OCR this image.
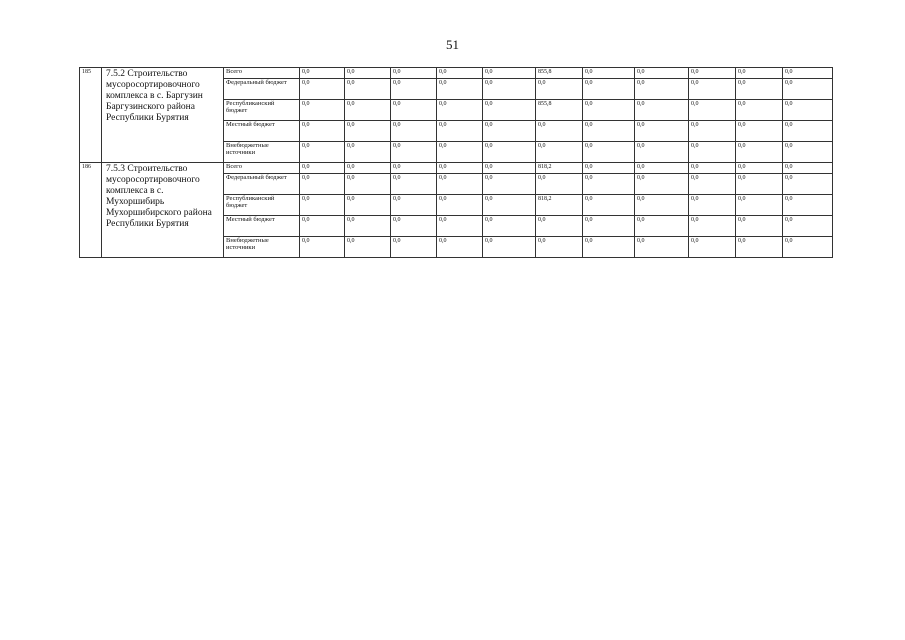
51
185	7.5.2 Строительство мусоросортировочного комплекса в с. Баргузин Баргузинского района Республики Бурятия	Всего	0,0	0,0	0,0	0,0	0,0	855,8	0,0	0,0	0,0	0,0	0,0
		Федеральный бюджет	0,0	0,0	0,0	0,0	0,0	0,0	0,0	0,0	0,0	0,0	0,0
		Республиканский бюджет	0,0	0,0	0,0	0,0	0,0	855,8	0,0	0,0	0,0	0,0	0,0
		Местный бюджет	0,0	0,0	0,0	0,0	0,0	0,0	0,0	0,0	0,0	0,0	0,0
		Внебюджетные источники	0,0	0,0	0,0	0,0	0,0	0,0	0,0	0,0	0,0	0,0	0,0
186	7.5.3 Строительство мусоросортировочного комплекса в с. Мухоршибирь Мухоршибирского района Республики Бурятия	Всего	0,0	0,0	0,0	0,0	0,0	818,2	0,0	0,0	0,0	0,0	0,0
		Федеральный бюджет	0,0	0,0	0,0	0,0	0,0	0,0	0,0	0,0	0,0	0,0	0,0
		Республиканский бюджет	0,0	0,0	0,0	0,0	0,0	818,2	0,0	0,0	0,0	0,0	0,0
		Местный бюджет	0,0	0,0	0,0	0,0	0,0	0,0	0,0	0,0	0,0	0,0	0,0
		Внебюджетные источники	0,0	0,0	0,0	0,0	0,0	0,0	0,0	0,0	0,0	0,0	0,0
